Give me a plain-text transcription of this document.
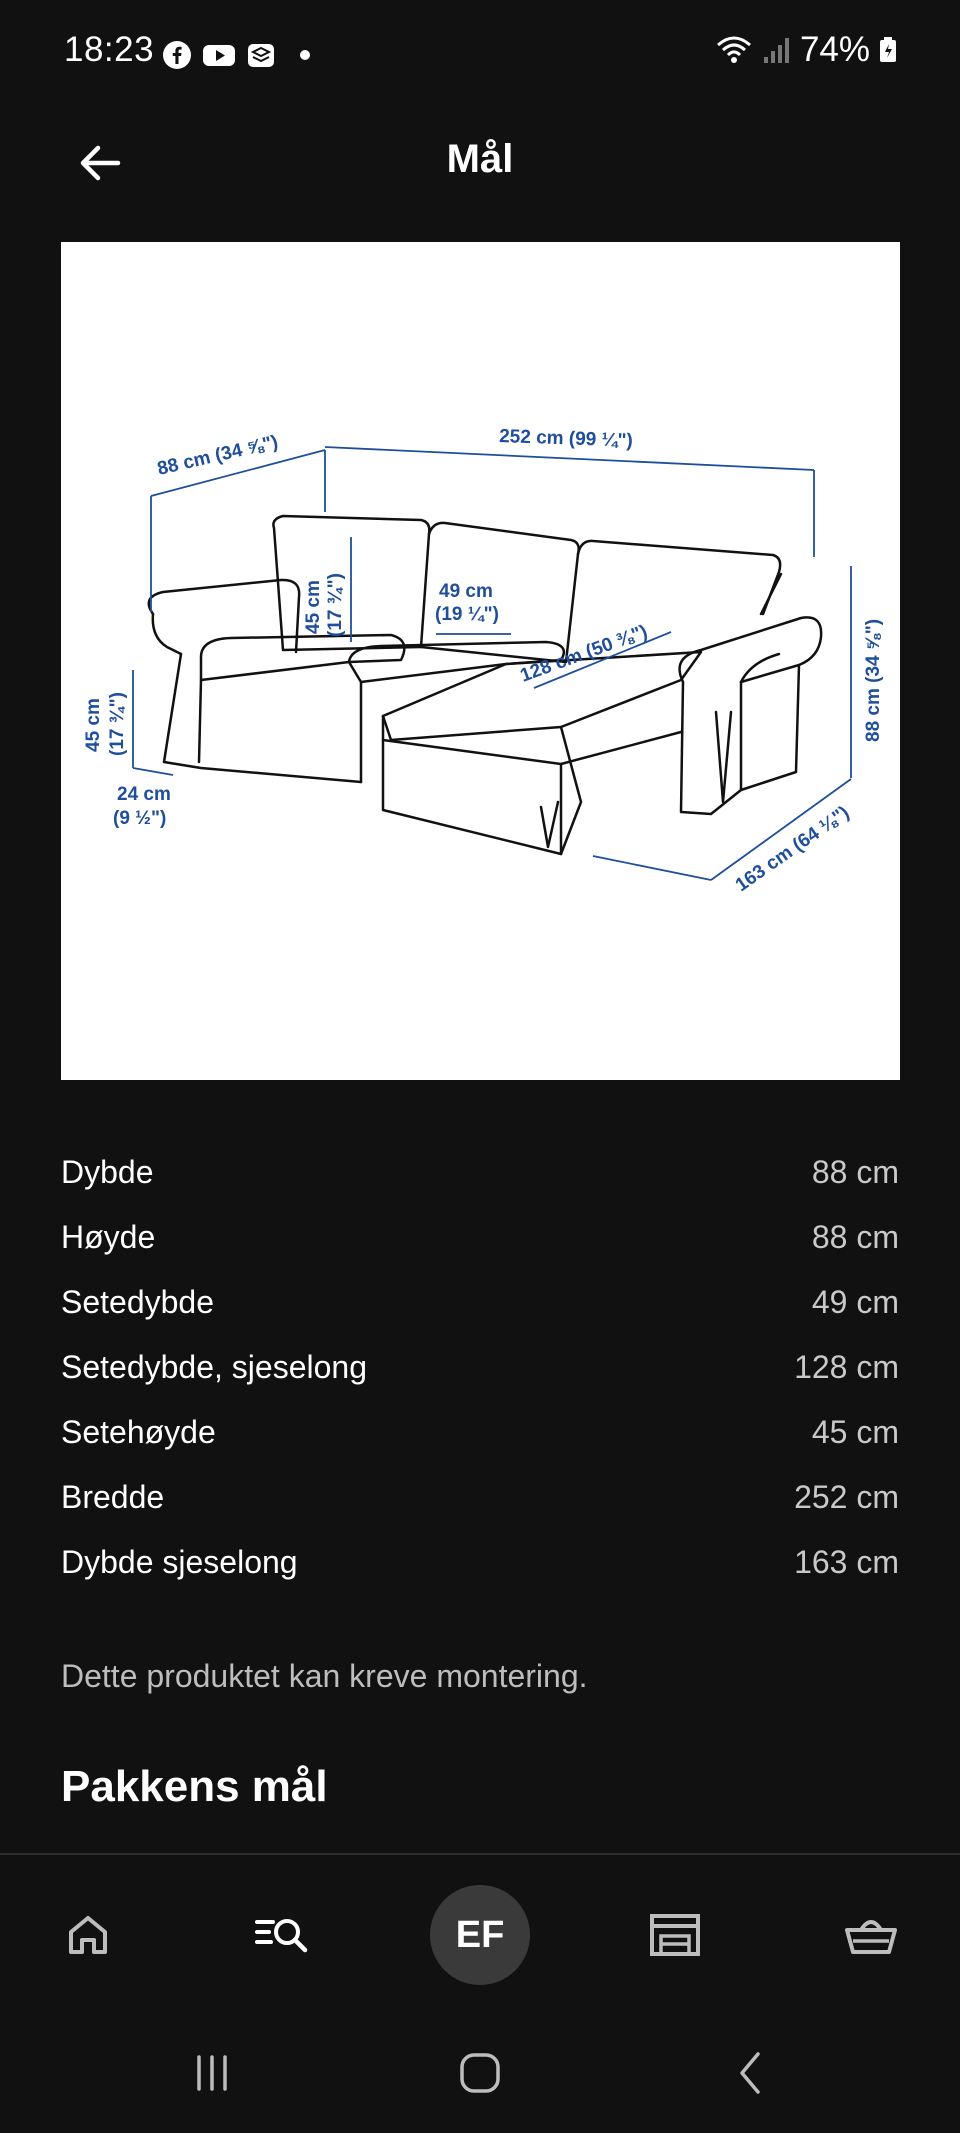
18:23	74%
Mål
88 cm (34 ⅝")	252 cm (99 ¼")
45 cm (17 ¾")	49 cm
(19 ¼")
128 cm (50 ⅜")	88 cm (34 ⅝")
45 cm (17 ¾")
24 cm
(9 ½")	163 cm (64 ⅛")
Dybde	88 cm
Høyde	88 cm
Setedybde	49 cm
Setedybde, sjeselong	128 cm
Setehøyde	45 cm
Bredde	252 cm
Dybde sjeselong	163 cm
Dette produktet kan kreve montering.
Pakkens mål
EF
